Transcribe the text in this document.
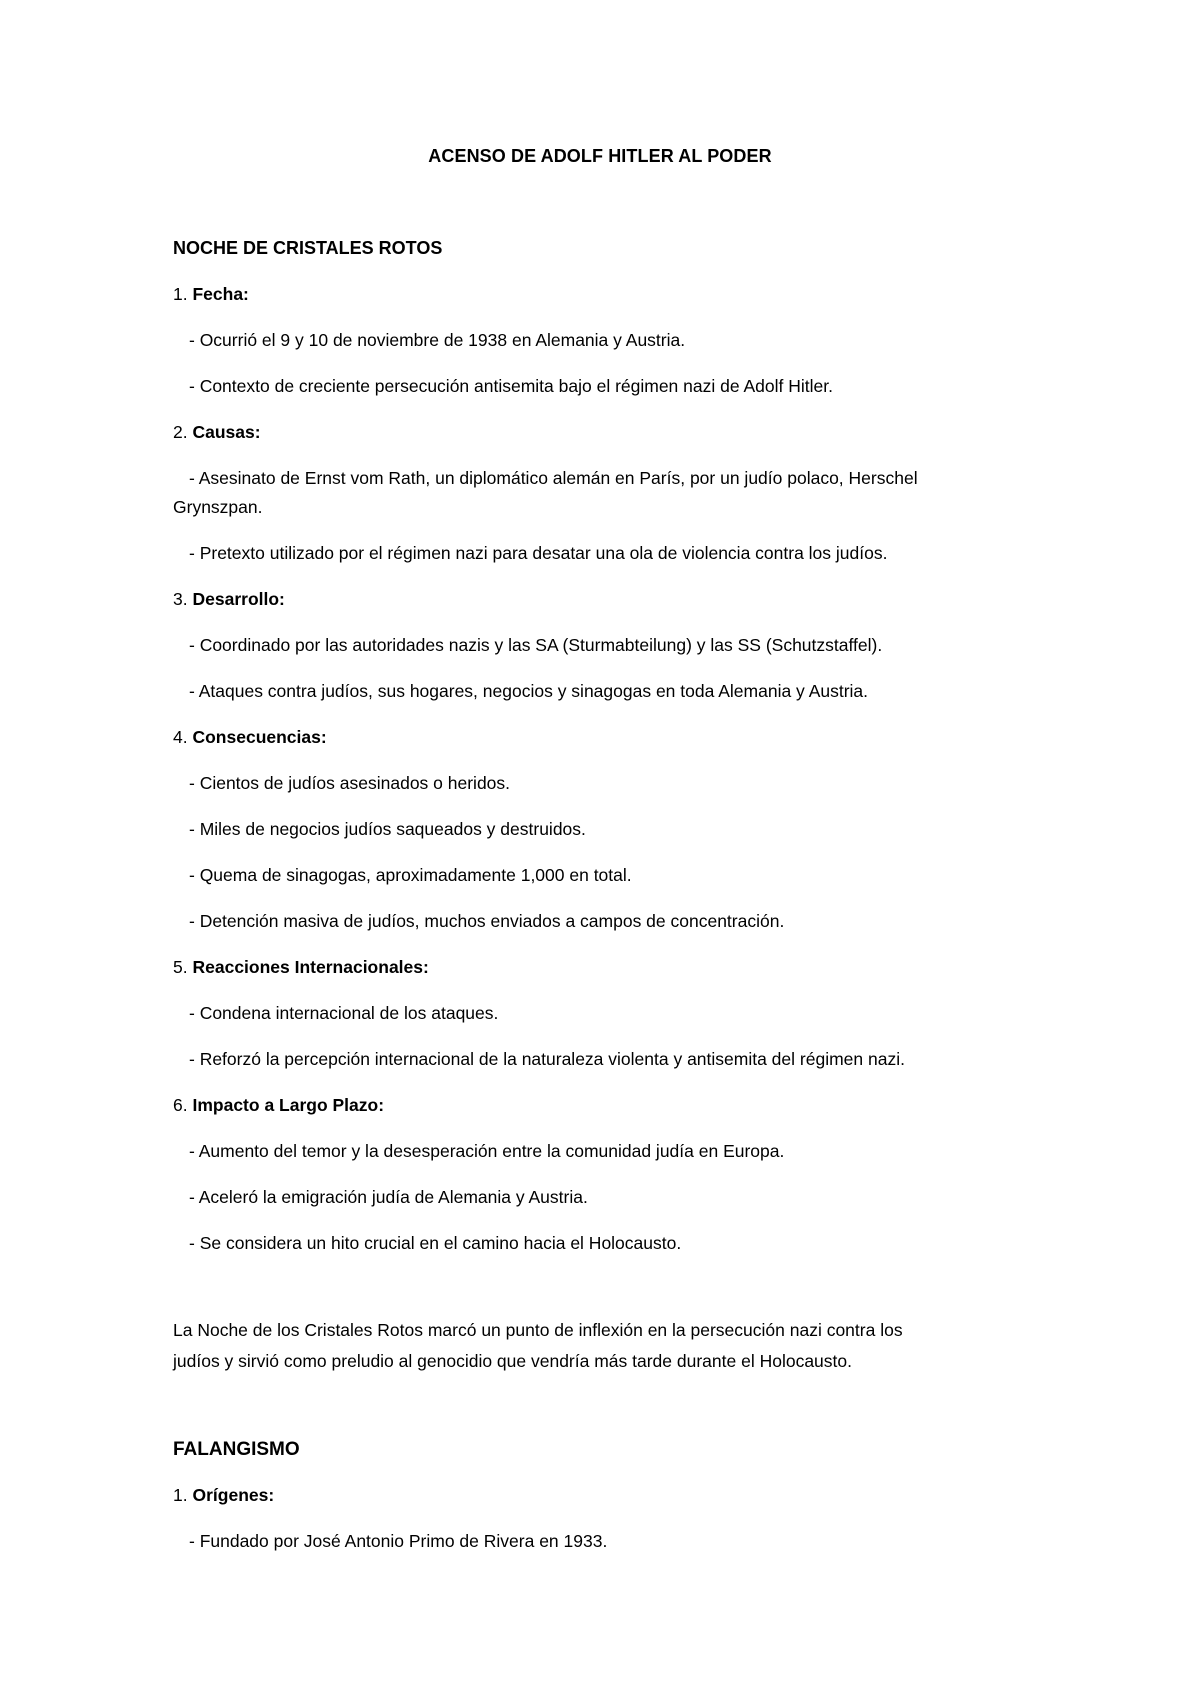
ACENSO DE ADOLF HITLER AL PODER
NOCHE DE CRISTALES ROTOS
1. Fecha:
- Ocurrió el 9 y 10 de noviembre de 1938 en Alemania y Austria.
- Contexto de creciente persecución antisemita bajo el régimen nazi de Adolf Hitler.
2. Causas:
- Asesinato de Ernst vom Rath, un diplomático alemán en París, por un judío polaco, Herschel
Grynszpan.
- Pretexto utilizado por el régimen nazi para desatar una ola de violencia contra los judíos.
3. Desarrollo:
- Coordinado por las autoridades nazis y las SA (Sturmabteilung) y las SS (Schutzstaffel).
- Ataques contra judíos, sus hogares, negocios y sinagogas en toda Alemania y Austria.
4. Consecuencias:
- Cientos de judíos asesinados o heridos.
- Miles de negocios judíos saqueados y destruidos.
- Quema de sinagogas, aproximadamente 1,000 en total.
- Detención masiva de judíos, muchos enviados a campos de concentración.
5. Reacciones Internacionales:
- Condena internacional de los ataques.
- Reforzó la percepción internacional de la naturaleza violenta y antisemita del régimen nazi.
6. Impacto a Largo Plazo:
- Aumento del temor y la desesperación entre la comunidad judía en Europa.
- Aceleró la emigración judía de Alemania y Austria.
- Se considera un hito crucial en el camino hacia el Holocausto.
La Noche de los Cristales Rotos marcó un punto de inflexión en la persecución nazi contra los
judíos y sirvió como preludio al genocidio que vendría más tarde durante el Holocausto.
FALANGISMO
1. Orígenes:
- Fundado por José Antonio Primo de Rivera en 1933.
